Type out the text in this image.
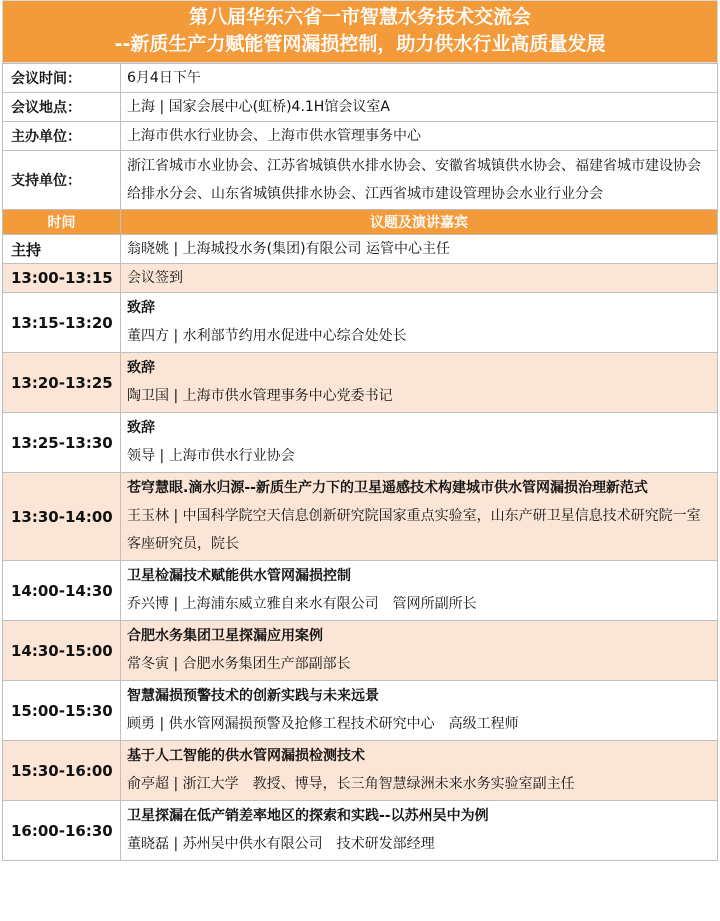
第八届华东六省一市智慧水务技术交流会
--新质生产力赋能管网漏损控制，助力供水行业高质量发展
会议时间：	6月4日下午
会议地点：	上海 | 国家会展中心(虹桥)4.1H馆会议室A
主办单位：	上海市供水行业协会、上海市供水管理事务中心
支持单位：	浙江省城市水业协会、江苏省城镇供水排水协会、安徽省城镇供水协会、福建省城市建设协会给排水分会、山东省城镇供排水协会、江西省城市建设管理协会水业行业分会
时间	议题及演讲嘉宾
主持	翁晓姚 | 上海城投水务(集团)有限公司 运管中心主任
13:00-13:15	会议签到
13:15-13:20	致辞
董四方 | 水利部节约用水促进中心综合处处长

13:20-13:25	致辞
陶卫国 | 上海市供水管理事务中心党委书记

13:25-13:30	致辞
领导 | 上海市供水行业协会

13:30-14:00	苍穹慧眼.滴水归源--新质生产力下的卫星遥感技术构建城市供水管网漏损治理新范式
王玉林 | 中国科学院空天信息创新研究院国家重点实验室，山东产研卫星信息技术研究院一室客座研究员，院长

14:00-14:30	卫星检漏技术赋能供水管网漏损控制
乔兴博 | 上海浦东威立雅自来水有限公司　管网所副所长

14:30-15:00	合肥水务集团卫星探漏应用案例
常冬寅 | 合肥水务集团生产部副部长

15:00-15:30	智慧漏损预警技术的创新实践与未来远景
顾勇 | 供水管网漏损预警及抢修工程技术研究中心　高级工程师

15:30-16:00	基于人工智能的供水管网漏损检测技术
俞亭超 | 浙江大学　教授、博导，长三角智慧绿洲未来水务实验室副主任

16:00-16:30	卫星探漏在低产销差率地区的探索和实践--以苏州吴中为例
董晓磊 | 苏州吴中供水有限公司　技术研发部经理
